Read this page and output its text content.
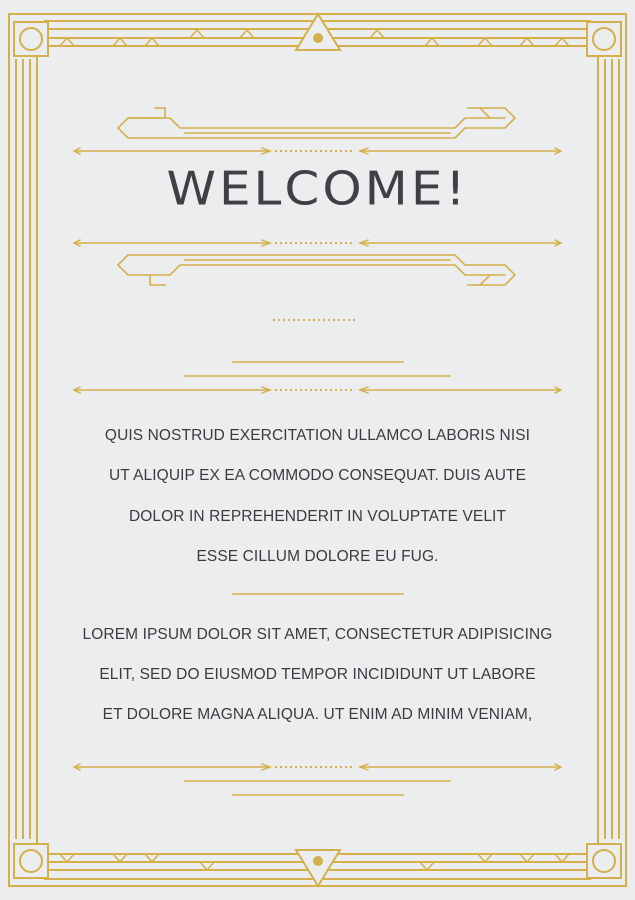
WELCOME!

QUIS NOSTRUD EXERCITATION ULLAMCO LABORIS NISI

UT ALIQUIP EX EA COMMODO CONSEQUAT. DUIS AUTE

DOLOR IN REPREHENDERIT IN VOLUPTATE VELIT

ESSE CILLUM DOLORE EU FUG.

LOREM IPSUM DOLOR SIT AMET, CONSECTETUR ADIPISICING

ELIT, SED DO EIUSMOD TEMPOR INCIDIDUNT UT LABORE

ET DOLORE MAGNA ALIQUA. UT ENIM AD MINIM VENIAM,
